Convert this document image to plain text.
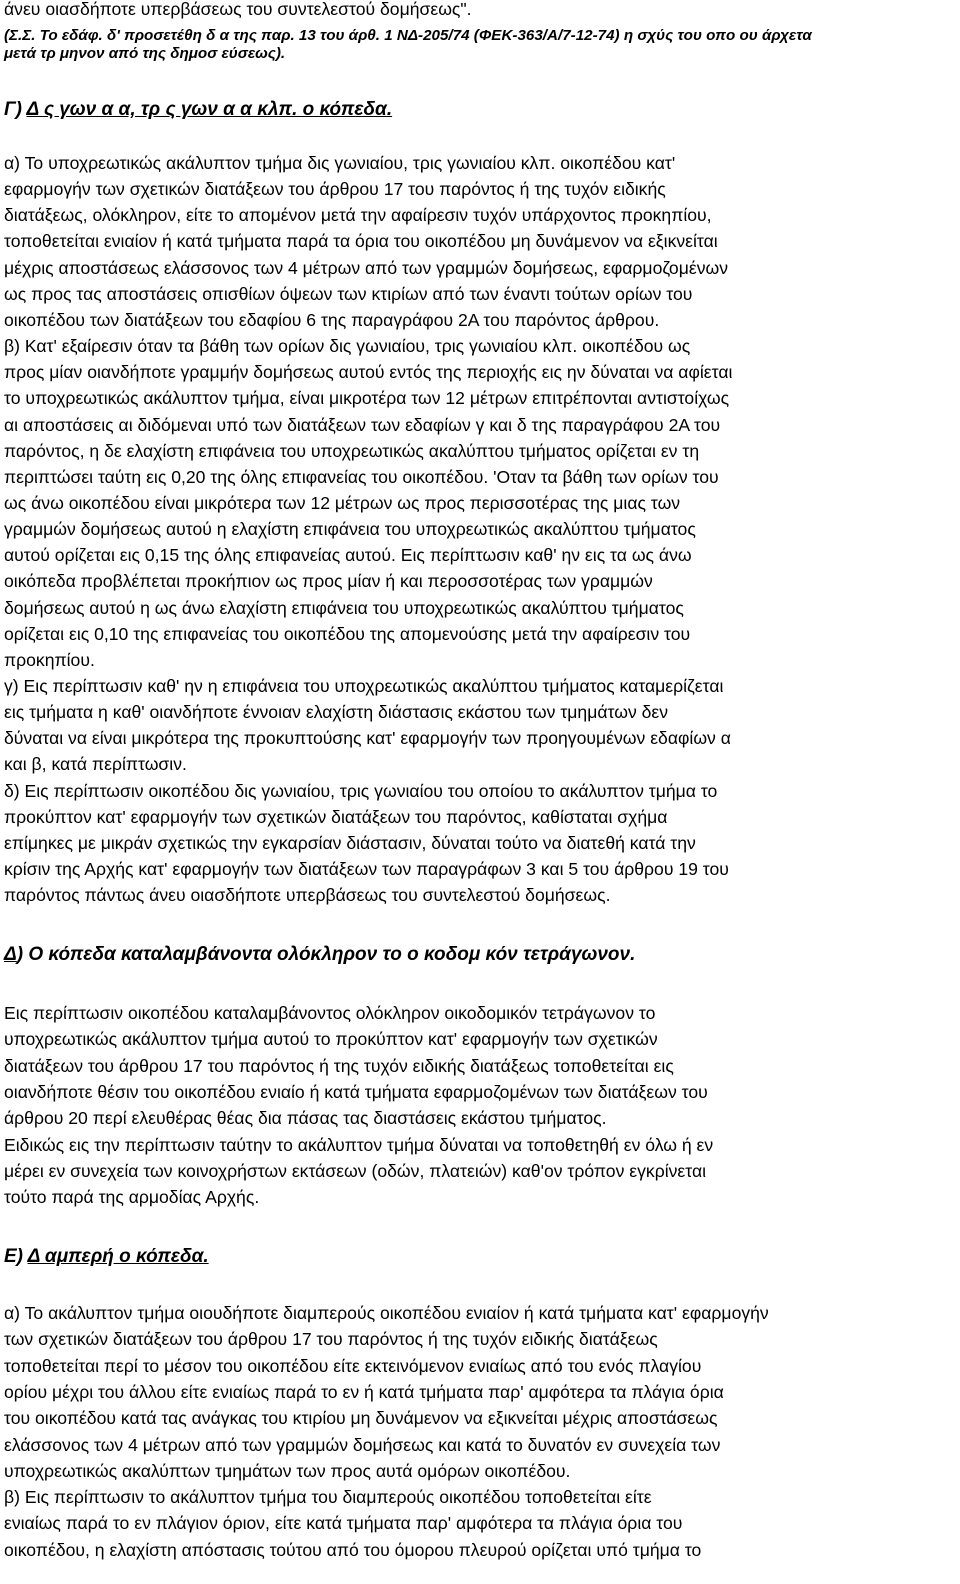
άνευ οιασδήποτε υπερβάσεως του συντελεστού δομήσεως".
(Σ.Σ. Το εδάφ. δ' προσετέθη δ α της παρ. 13 του άρθ. 1 ΝΔ-205/74 (ΦΕΚ-363/Α/7-12-74) η σχύς του οπο ου άρχετα
μετά τρ μηνον από της δημοσ εύσεως).
Γ) Δ ς γων α α, τρ ς γων α α κλπ. ο κόπεδα.
α) Το υποχρεωτικώς ακάλυπτον τμήμα δις γωνιαίου, τρις γωνιαίου κλπ. οικοπέδου κατ'
εφαρμογήν των σχετικών διατάξεων του άρθρου 17 του παρόντος ή της τυχόν ειδικής
διατάξεως, ολόκληρον, είτε το απομένον μετά την αφαίρεσιν τυχόν υπάρχοντος προκηπίου,
τοποθετείται ενιαίον ή κατά τμήματα παρά τα όρια του οικοπέδου μη δυνάμενον να εξικνείται
μέχρις αποστάσεως ελάσσονος των 4 μέτρων από των γραμμών δομήσεως, εφαρμοζομένων
ως προς τας αποστάσεις οπισθίων όψεων των κτιρίων από των έναντι τούτων ορίων του
οικοπέδου των διατάξεων του εδαφίου 6 της παραγράφου 2Α του παρόντος άρθρου.
β) Κατ' εξαίρεσιν όταν τα βάθη των ορίων δις γωνιαίου, τρις γωνιαίου κλπ. οικοπέδου ως
προς μίαν οιανδήποτε γραμμήν δομήσεως αυτού εντός της περιοχής εις ην δύναται να αφίεται
το υποχρεωτικώς ακάλυπτον τμήμα, είναι μικροτέρα των 12 μέτρων επιτρέπονται αντιστοίχως
αι αποστάσεις αι διδόμεναι υπό των διατάξεων των εδαφίων γ και δ της παραγράφου 2Α του
παρόντος, η δε ελαχίστη επιφάνεια του υποχρεωτικώς ακαλύπτου τμήματος ορίζεται εν τη
περιπτώσει ταύτη εις 0,20 της όλης επιφανείας του οικοπέδου. 'Οταν τα βάθη των ορίων του
ως άνω οικοπέδου είναι μικρότερα των 12 μέτρων ως προς περισσοτέρας της μιας των
γραμμών δομήσεως αυτού η ελαχίστη επιφάνεια του υποχρεωτικώς ακαλύπτου τμήματος
αυτού ορίζεται εις 0,15 της όλης επιφανείας αυτού. Εις περίπτωσιν καθ' ην εις τα ως άνω
οικόπεδα προβλέπεται προκήπιον ως προς μίαν ή και περοσσοτέρας των γραμμών
δομήσεως αυτού η ως άνω ελαχίστη επιφάνεια του υποχρεωτικώς ακαλύπτου τμήματος
ορίζεται εις 0,10 της επιφανείας του οικοπέδου της απομενούσης μετά την αφαίρεσιν του
προκηπίου.
γ) Εις περίπτωσιν καθ' ην η επιφάνεια του υποχρεωτικώς ακαλύπτου τμήματος καταμερίζεται
εις τμήματα η καθ' οιανδήποτε έννοιαν ελαχίστη διάστασις εκάστου των τμημάτων δεν
δύναται να είναι μικρότερα της προκυπτούσης κατ' εφαρμογήν των προηγουμένων εδαφίων α
και β, κατά περίπτωσιν.
δ) Εις περίπτωσιν οικοπέδου δις γωνιαίου, τρις γωνιαίου του οποίου το ακάλυπτον τμήμα το
προκύπτον κατ' εφαρμογήν των σχετικών διατάξεων του παρόντος, καθίσταται σχήμα
επίμηκες με μικράν σχετικώς την εγκαρσίαν διάστασιν, δύναται τούτο να διατεθή κατά την
κρίσιν της Αρχής κατ' εφαρμογήν των διατάξεων των παραγράφων 3 και 5 του άρθρου 19 του
παρόντος πάντως άνευ οιασδήποτε υπερβάσεως του συντελεστού δομήσεως.
Δ) Ο κόπεδα καταλαμβάνοντα ολόκληρον το ο κοδομ κόν τετράγωνον.
Εις περίπτωσιν οικοπέδου καταλαμβάνοντος ολόκληρον οικοδομικόν τετράγωνον το
υποχρεωτικώς ακάλυπτον τμήμα αυτού το προκύπτον κατ' εφαρμογήν των σχετικών
διατάξεων του άρθρου 17 του παρόντος ή της τυχόν ειδικής διατάξεως τοποθετείται εις
οιανδήποτε θέσιν του οικοπέδου ενιαίο ή κατά τμήματα εφαρμοζομένων των διατάξεων του
άρθρου 20 περί ελευθέρας θέας δια πάσας τας διαστάσεις εκάστου τμήματος.
Ειδικώς εις την περίπτωσιν ταύτην το ακάλυπτον τμήμα δύναται να τοποθετηθή εν όλω ή εν
μέρει εν συνεχεία των κοινοχρήστων εκτάσεων (οδών, πλατειών) καθ'ον τρόπον εγκρίνεται
τούτο παρά της αρμοδίας Αρχής.
Ε) Δ αμπερή ο κόπεδα.
α) Το ακάλυπτον τμήμα οιουδήποτε διαμπερούς οικοπέδου ενιαίον ή κατά τμήματα κατ' εφαρμογήν
των σχετικών διατάξεων του άρθρου 17 του παρόντος ή της τυχόν ειδικής διατάξεως
τοποθετείται περί το μέσον του οικοπέδου είτε εκτεινόμενον ενιαίως από του ενός πλαγίου
ορίου μέχρι του άλλου είτε ενιαίως παρά το εν ή κατά τμήματα παρ' αμφότερα τα πλάγια όρια
του οικοπέδου κατά τας ανάγκας του κτιρίου μη δυνάμενον να εξικνείται μέχρις αποστάσεως
ελάσσονος των 4 μέτρων από των γραμμών δομήσεως και κατά το δυνατόν εν συνεχεία των
υποχρεωτικώς ακαλύπτων τμημάτων των προς αυτά ομόρων οικοπέδου.
β) Εις περίπτωσιν το ακάλυπτον τμήμα του διαμπερούς οικοπέδου τοποθετείται είτε
ενιαίως παρά το εν πλάγιον όριον, είτε κατά τμήματα παρ' αμφότερα τα πλάγια όρια του
οικοπέδου, η ελαχίστη απόστασις τούτου από του όμορου πλευρού ορίζεται υπό τμήμα το
